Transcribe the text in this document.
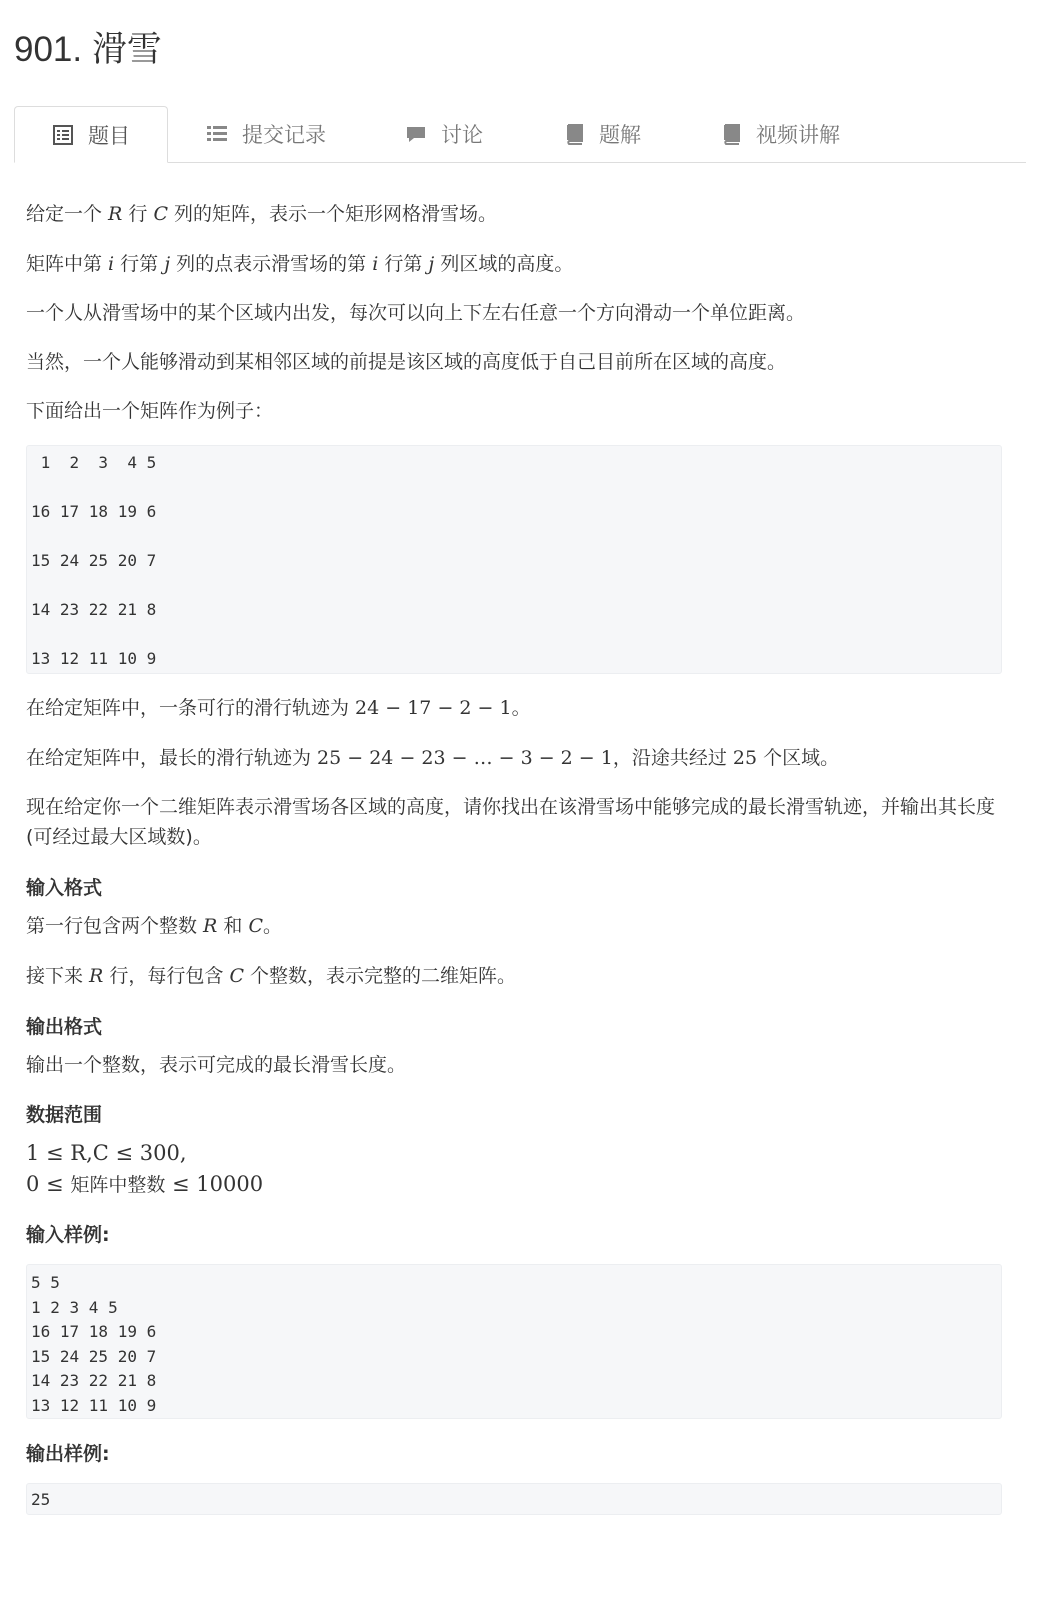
901. 滑雪
题目	提交记录	讨论	题解	视频讲解

给定一个 R 行 C 列的矩阵，表示一个矩形网格滑雪场。

矩阵中第 i 行第 j 列的点表示滑雪场的第 i 行第 j 列区域的高度。

一个人从滑雪场中的某个区域内出发，每次可以向上下左右任意一个方向滑动一个单位距离。

当然，一个人能够滑动到某相邻区域的前提是该区域的高度低于自己目前所在区域的高度。

下面给出一个矩阵作为例子：

1  2  3  4 5
16 17 18 19 6
15 24 25 20 7
14 23 22 21 8
13 12 11 10 9

在给定矩阵中，一条可行的滑行轨迹为 24 − 17 − 2 − 1。

在给定矩阵中，最长的滑行轨迹为 25 − 24 − 23 − … − 3 − 2 − 1，沿途共经过 25 个区域。

现在给定你一个二维矩阵表示滑雪场各区域的高度，请你找出在该滑雪场中能够完成的最长滑雪轨迹，并输出其长度(可经过最大区域数)。

输入格式

第一行包含两个整数 R 和 C。

接下来 R 行，每行包含 C 个整数，表示完整的二维矩阵。

输出格式

输出一个整数，表示可完成的最长滑雪长度。

数据范围

1 ≤ R,C ≤ 300,

0 ≤ 矩阵中整数 ≤ 10000

输入样例:
5 5
1 2 3 4 5
16 17 18 19 6
15 24 25 20 7
14 23 22 21 8
13 12 11 10 9
输出样例:
25
